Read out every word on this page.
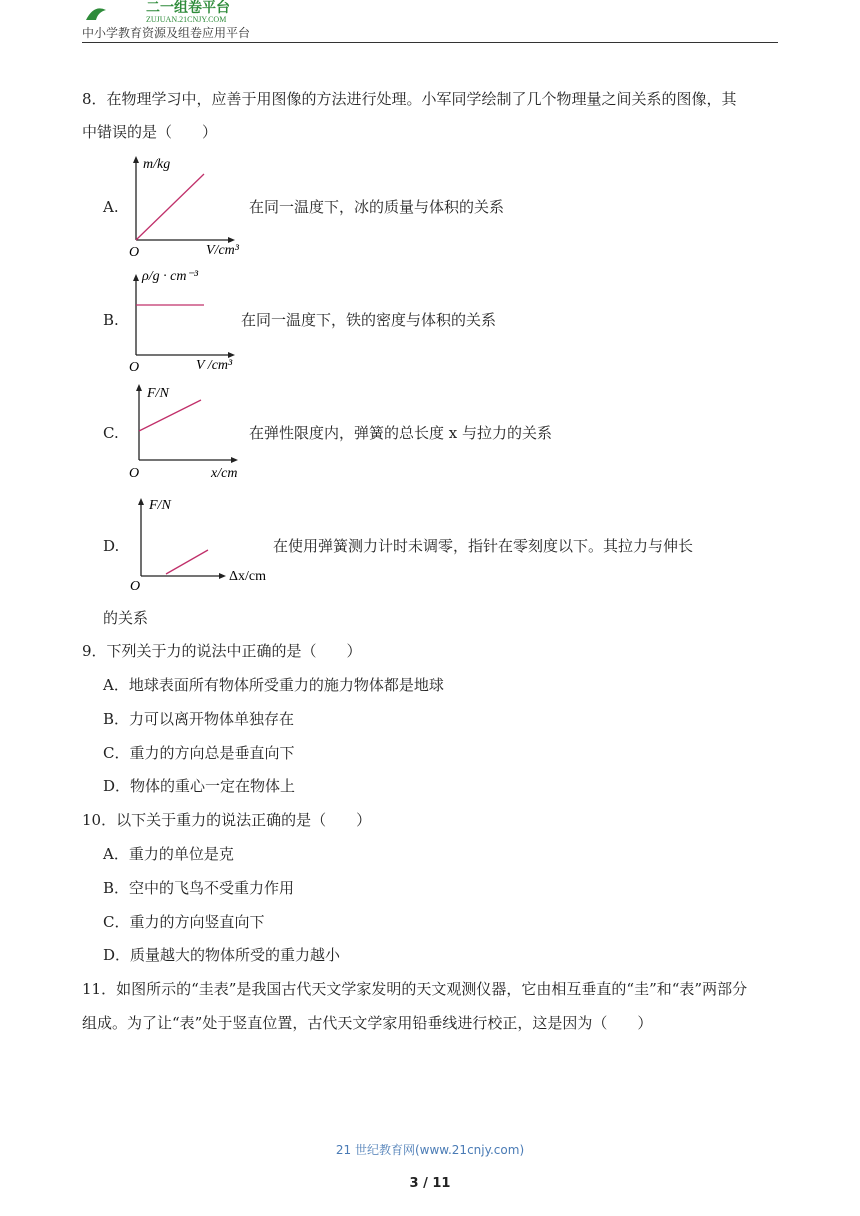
二一组卷平台
ZUJUAN.21CNJY.COM
中小学教育资源及组卷应用平台
8．在物理学习中，应善于用图像的方法进行处理。小军同学绘制了几个物理量之间关系的图像，其
中错误的是（　　）
A.
m/kg
V/cm³
O
在同一温度下，冰的质量与体积的关系
B.
ρ/g · cm⁻³
V /cm³
O
在同一温度下，铁的密度与体积的关系
C.
F/N
x/cm
O
在弹性限度内，弹簧的总长度 x 与拉力的关系
D.
F/N
Δx/cm
O
在使用弹簧测力计时未调零，指针在零刻度以下。其拉力与伸长
的关系
9．下列关于力的说法中正确的是（　　）
A．地球表面所有物体所受重力的施力物体都是地球
B．力可以离开物体单独存在
C．重力的方向总是垂直向下
D．物体的重心一定在物体上
10．以下关于重力的说法正确的是（　　）
A．重力的单位是克
B．空中的飞鸟不受重力作用
C．重力的方向竖直向下
D．质量越大的物体所受的重力越小
11．如图所示的“圭表”是我国古代天文学家发明的天文观测仪器，它由相互垂直的“圭”和“表”两部分
组成。为了让“表”处于竖直位置，古代天文学家用铅垂线进行校正，这是因为（　　）
21 世纪教育网(www.21cnjy.com)
3 / 11
